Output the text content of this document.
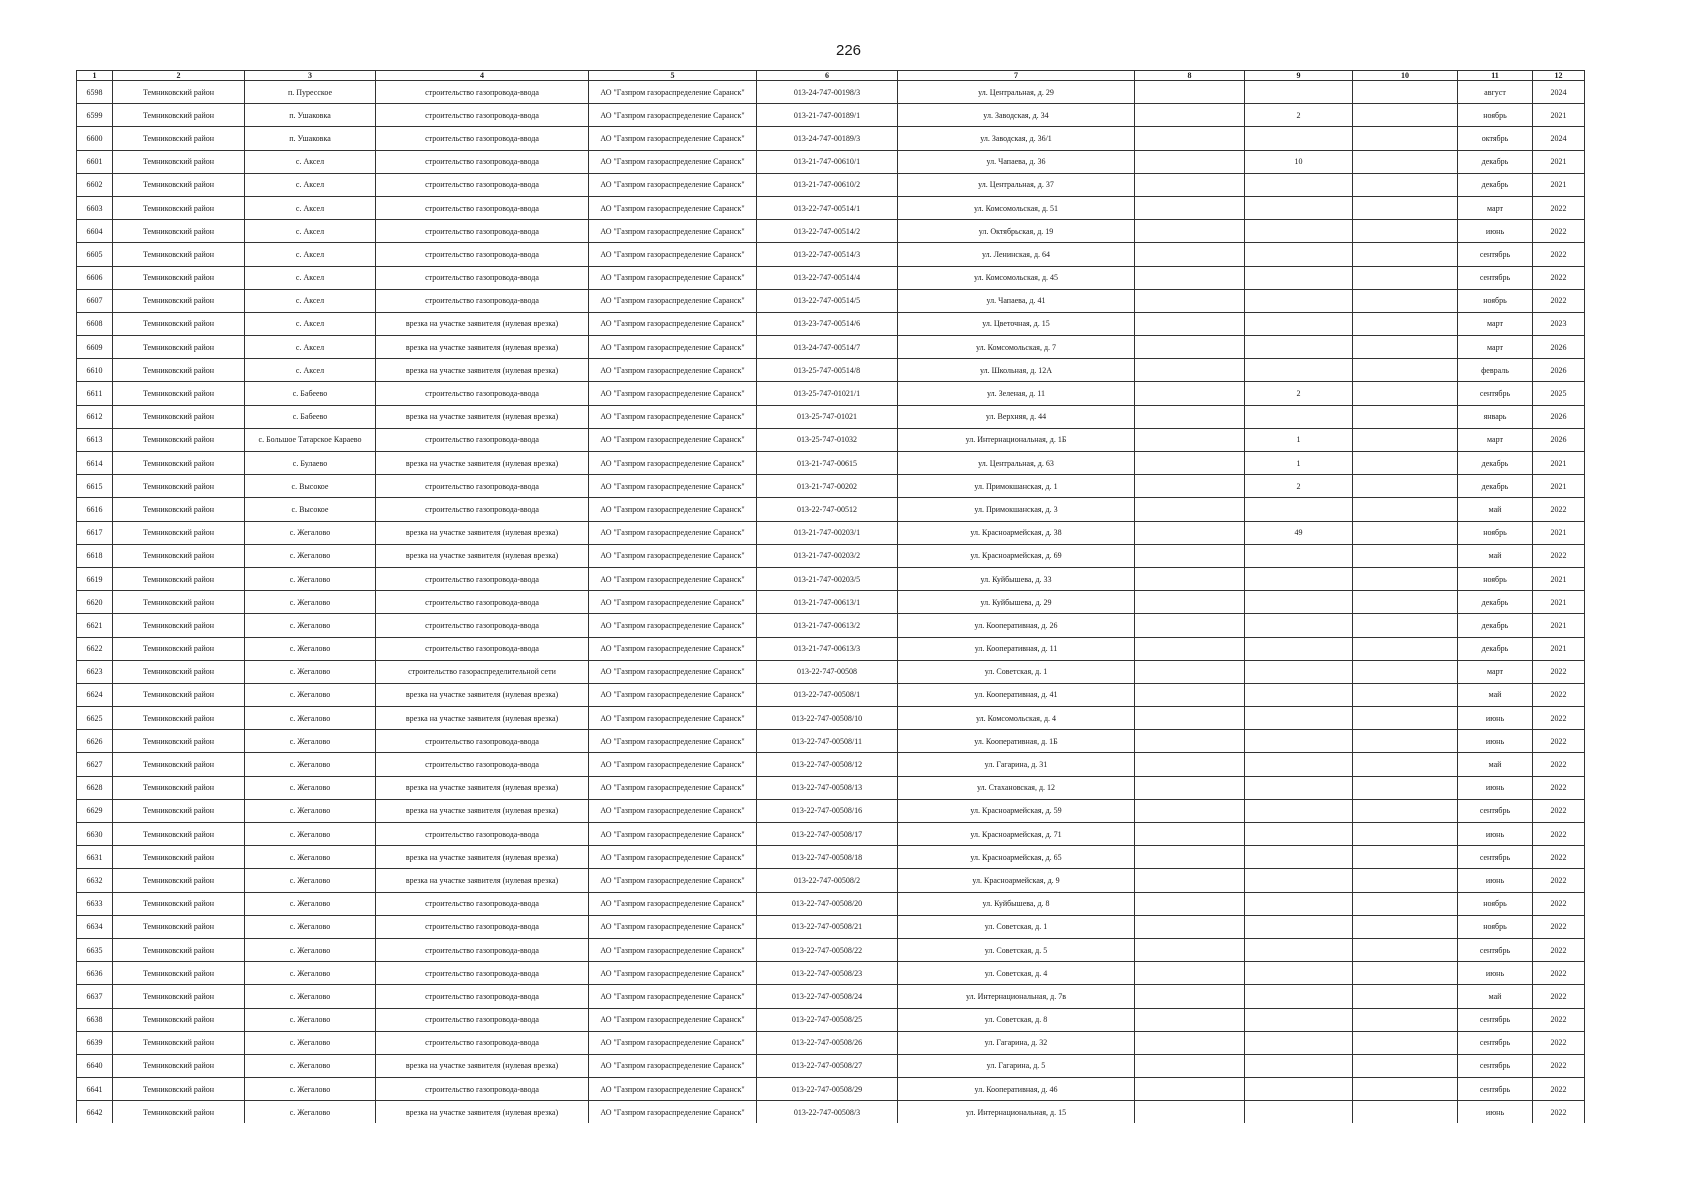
226
1	2	3	4	5	6	7	8	9	10	11	12
6598	Темниковский район	п. Пуресское	строительство газопровода-ввода	АО "Газпром газораспределение Саранск"	013-24-747-00198/3	ул. Центральная, д. 29				август	2024
6599	Темниковский район	п. Ушаковка	строительство газопровода-ввода	АО "Газпром газораспределение Саранск"	013-21-747-00189/1	ул. Заводская, д. 34		2		ноябрь	2021
6600	Темниковский район	п. Ушаковка	строительство газопровода-ввода	АО "Газпром газораспределение Саранск"	013-24-747-00189/3	ул. Заводская, д. 36/1				октябрь	2024
6601	Темниковский район	с. Аксел	строительство газопровода-ввода	АО "Газпром газораспределение Саранск"	013-21-747-00610/1	ул. Чапаева, д. 36		10		декабрь	2021
6602	Темниковский район	с. Аксел	строительство газопровода-ввода	АО "Газпром газораспределение Саранск"	013-21-747-00610/2	ул. Центральная, д. 37				декабрь	2021
6603	Темниковский район	с. Аксел	строительство газопровода-ввода	АО "Газпром газораспределение Саранск"	013-22-747-00514/1	ул. Комсомольская, д. 51				март	2022
6604	Темниковский район	с. Аксел	строительство газопровода-ввода	АО "Газпром газораспределение Саранск"	013-22-747-00514/2	ул. Октябрьская, д. 19				июнь	2022
6605	Темниковский район	с. Аксел	строительство газопровода-ввода	АО "Газпром газораспределение Саранск"	013-22-747-00514/3	ул. Ленинская, д. 64				сентябрь	2022
6606	Темниковский район	с. Аксел	строительство газопровода-ввода	АО "Газпром газораспределение Саранск"	013-22-747-00514/4	ул. Комсомольская, д. 45				сентябрь	2022
6607	Темниковский район	с. Аксел	строительство газопровода-ввода	АО "Газпром газораспределение Саранск"	013-22-747-00514/5	ул. Чапаева, д. 41				ноябрь	2022
6608	Темниковский район	с. Аксел	врезка на участке заявителя (нулевая врезка)	АО "Газпром газораспределение Саранск"	013-23-747-00514/6	ул. Цветочная, д. 15				март	2023
6609	Темниковский район	с. Аксел	врезка на участке заявителя (нулевая врезка)	АО "Газпром газораспределение Саранск"	013-24-747-00514/7	ул. Комсомольская, д. 7				март	2026
6610	Темниковский район	с. Аксел	врезка на участке заявителя (нулевая врезка)	АО "Газпром газораспределение Саранск"	013-25-747-00514/8	ул. Школьная, д. 12А				февраль	2026
6611	Темниковский район	с. Бабеево	строительство газопровода-ввода	АО "Газпром газораспределение Саранск"	013-25-747-01021/1	ул. Зеленая, д. 11		2		сентябрь	2025
6612	Темниковский район	с. Бабеево	врезка на участке заявителя (нулевая врезка)	АО "Газпром газораспределение Саранск"	013-25-747-01021	ул. Верхняя, д. 44				январь	2026
6613	Темниковский район	с. Большое Татарское Караево	строительство газопровода-ввода	АО "Газпром газораспределение Саранск"	013-25-747-01032	ул. Интернациональная, д. 1Б		1		март	2026
6614	Темниковский район	с. Булаево	врезка на участке заявителя (нулевая врезка)	АО "Газпром газораспределение Саранск"	013-21-747-00615	ул. Центральная, д. 63		1		декабрь	2021
6615	Темниковский район	с. Высокое	строительство газопровода-ввода	АО "Газпром газораспределение Саранск"	013-21-747-00202	ул. Примокшанская, д. 1		2		декабрь	2021
6616	Темниковский район	с. Высокое	строительство газопровода-ввода	АО "Газпром газораспределение Саранск"	013-22-747-00512	ул. Примокшанская, д. 3				май	2022
6617	Темниковский район	с. Жегалово	врезка на участке заявителя (нулевая врезка)	АО "Газпром газораспределение Саранск"	013-21-747-00203/1	ул. Красноармейская, д. 38		49		ноябрь	2021
6618	Темниковский район	с. Жегалово	врезка на участке заявителя (нулевая врезка)	АО "Газпром газораспределение Саранск"	013-21-747-00203/2	ул. Красноармейская, д. 69				май	2022
6619	Темниковский район	с. Жегалово	строительство газопровода-ввода	АО "Газпром газораспределение Саранск"	013-21-747-00203/5	ул. Куйбышева, д. 33				ноябрь	2021
6620	Темниковский район	с. Жегалово	строительство газопровода-ввода	АО "Газпром газораспределение Саранск"	013-21-747-00613/1	ул. Куйбышева, д. 29				декабрь	2021
6621	Темниковский район	с. Жегалово	строительство газопровода-ввода	АО "Газпром газораспределение Саранск"	013-21-747-00613/2	ул. Кооперативная, д. 26				декабрь	2021
6622	Темниковский район	с. Жегалово	строительство газопровода-ввода	АО "Газпром газораспределение Саранск"	013-21-747-00613/3	ул. Кооперативная, д. 11				декабрь	2021
6623	Темниковский район	с. Жегалово	строительство газораспределительной сети	АО "Газпром газораспределение Саранск"	013-22-747-00508	ул. Советская, д. 1				март	2022
6624	Темниковский район	с. Жегалово	врезка на участке заявителя (нулевая врезка)	АО "Газпром газораспределение Саранск"	013-22-747-00508/1	ул. Кооперативная, д. 41				май	2022
6625	Темниковский район	с. Жегалово	врезка на участке заявителя (нулевая врезка)	АО "Газпром газораспределение Саранск"	013-22-747-00508/10	ул. Комсомольская, д. 4				июнь	2022
6626	Темниковский район	с. Жегалово	строительство газопровода-ввода	АО "Газпром газораспределение Саранск"	013-22-747-00508/11	ул. Кооперативная, д. 1Б				июнь	2022
6627	Темниковский район	с. Жегалово	строительство газопровода-ввода	АО "Газпром газораспределение Саранск"	013-22-747-00508/12	ул. Гагарина, д. 31				май	2022
6628	Темниковский район	с. Жегалово	врезка на участке заявителя (нулевая врезка)	АО "Газпром газораспределение Саранск"	013-22-747-00508/13	ул. Стахановская, д. 12				июнь	2022
6629	Темниковский район	с. Жегалово	врезка на участке заявителя (нулевая врезка)	АО "Газпром газораспределение Саранск"	013-22-747-00508/16	ул. Красноармейская, д. 59				сентябрь	2022
6630	Темниковский район	с. Жегалово	строительство газопровода-ввода	АО "Газпром газораспределение Саранск"	013-22-747-00508/17	ул. Красноармейская, д. 71				июнь	2022
6631	Темниковский район	с. Жегалово	врезка на участке заявителя (нулевая врезка)	АО "Газпром газораспределение Саранск"	013-22-747-00508/18	ул. Красноармейская, д. 65				сентябрь	2022
6632	Темниковский район	с. Жегалово	врезка на участке заявителя (нулевая врезка)	АО "Газпром газораспределение Саранск"	013-22-747-00508/2	ул. Красноармейская, д. 9				июнь	2022
6633	Темниковский район	с. Жегалово	строительство газопровода-ввода	АО "Газпром газораспределение Саранск"	013-22-747-00508/20	ул. Куйбышева, д. 8				ноябрь	2022
6634	Темниковский район	с. Жегалово	строительство газопровода-ввода	АО "Газпром газораспределение Саранск"	013-22-747-00508/21	ул. Советская, д. 1				ноябрь	2022
6635	Темниковский район	с. Жегалово	строительство газопровода-ввода	АО "Газпром газораспределение Саранск"	013-22-747-00508/22	ул. Советская, д. 5				сентябрь	2022
6636	Темниковский район	с. Жегалово	строительство газопровода-ввода	АО "Газпром газораспределение Саранск"	013-22-747-00508/23	ул. Советская, д. 4				июнь	2022
6637	Темниковский район	с. Жегалово	строительство газопровода-ввода	АО "Газпром газораспределение Саранск"	013-22-747-00508/24	ул. Интернациональная, д. 7в				май	2022
6638	Темниковский район	с. Жегалово	строительство газопровода-ввода	АО "Газпром газораспределение Саранск"	013-22-747-00508/25	ул. Советская, д. 8				сентябрь	2022
6639	Темниковский район	с. Жегалово	строительство газопровода-ввода	АО "Газпром газораспределение Саранск"	013-22-747-00508/26	ул. Гагарина, д. 32				сентябрь	2022
6640	Темниковский район	с. Жегалово	врезка на участке заявителя (нулевая врезка)	АО "Газпром газораспределение Саранск"	013-22-747-00508/27	ул. Гагарина, д. 5				сентябрь	2022
6641	Темниковский район	с. Жегалово	строительство газопровода-ввода	АО "Газпром газораспределение Саранск"	013-22-747-00508/29	ул. Кооперативная, д. 46				сентябрь	2022
6642	Темниковский район	с. Жегалово	врезка на участке заявителя (нулевая врезка)	АО "Газпром газораспределение Саранск"	013-22-747-00508/3	ул. Интернациональная, д. 15				июнь	2022
